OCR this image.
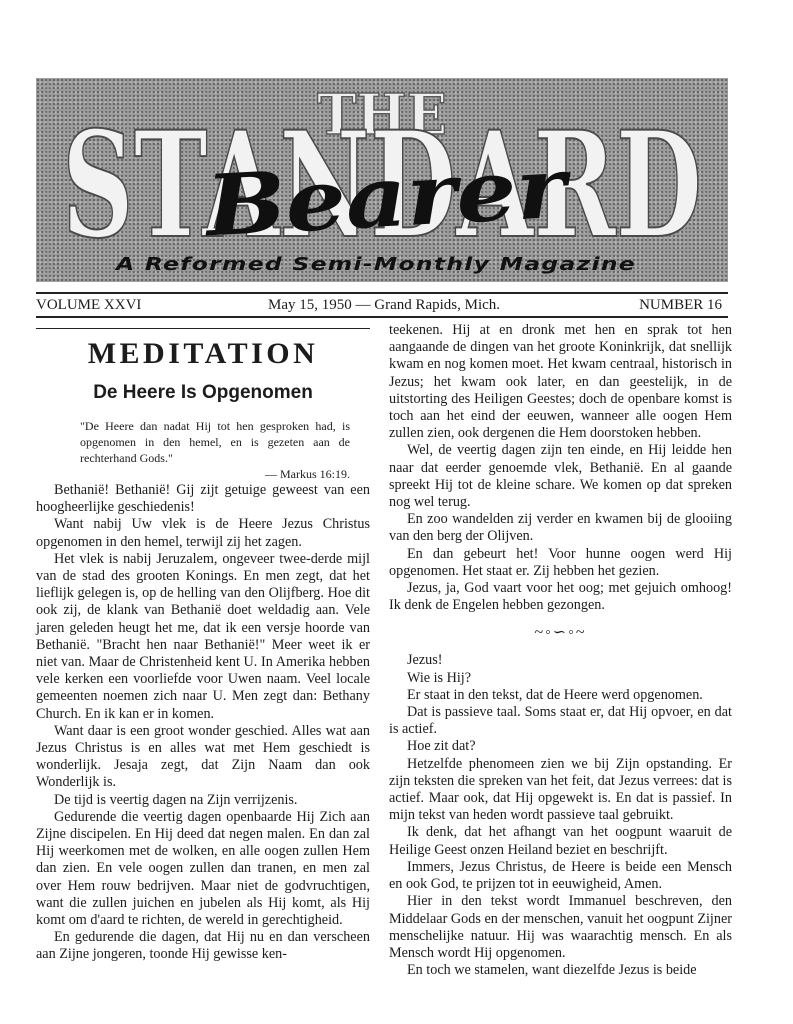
THE
STANDARD
Bearer
A Reformed Semi-Monthly Magazine
VOLUME XXVI	May 15, 1950 — Grand Rapids, Mich.	NUMBER 16
MEDITATION
De Heere Is Opgenomen
"De Heere dan nadat Hij tot hen gesproken had, is opgenomen in den hemel, en is gezeten aan de rechterhand Gods."
— Markus 16:19.

Bethanië! Bethanië! Gij zijt getuige geweest van een hoogheerlijke geschiedenis!

Want nabij Uw vlek is de Heere Jezus Christus opgenomen in den hemel, terwijl zij het zagen.

Het vlek is nabij Jeruzalem, ongeveer twee-derde mijl van de stad des grooten Konings. En men zegt, dat het lieflijk gelegen is, op de helling van den Olijfberg. Hoe dit ook zij, de klank van Bethanië doet weldadig aan. Vele jaren geleden heugt het me, dat ik een versje hoorde van Bethanië. "Bracht hen naar Bethanië!" Meer weet ik er niet van. Maar de Christenheid kent U. In Amerika hebben vele kerken een voorliefde voor Uwen naam. Veel locale gemeenten noemen zich naar U. Men zegt dan: Bethany Church. En ik kan er in komen.

Want daar is een groot wonder geschied. Alles wat aan Jezus Christus is en alles wat met Hem geschiedt is wonderlijk. Jesaja zegt, dat Zijn Naam dan ook Wonderlijk is.

De tijd is veertig dagen na Zijn verrijzenis.

Gedurende die veertig dagen openbaarde Hij Zich aan Zijne discipelen. En Hij deed dat negen malen. En dan zal Hij weerkomen met de wolken, en alle oogen zullen Hem dan zien. En vele oogen zullen dan tranen, en men zal over Hem rouw bedrijven. Maar niet de godvruchtigen, want die zullen juichen en jubelen als Hij komt, als Hij komt om d'aard te richten, de wereld in gerechtigheid.

En gedurende die dagen, dat Hij nu en dan verscheen aan Zijne jongeren, toonde Hij gewisse ken-

teekenen. Hij at en dronk met hen en sprak tot hen aangaande de dingen van het groote Koninkrijk, dat snellijk kwam en nog komen moet. Het kwam centraal, historisch in Jezus; het kwam ook later, en dan geestelijk, in de uitstorting des Heiligen Geestes; doch de openbare komst is toch aan het eind der eeuwen, wanneer alle oogen Hem zullen zien, ook dergenen die Hem doorstoken hebben.

Wel, de veertig dagen zijn ten einde, en Hij leidde hen naar dat eerder genoemde vlek, Bethanië. En al gaande spreekt Hij tot de kleine schare. We komen op dat spreken nog wel terug.

En zoo wandelden zij verder en kwamen bij de glooiing van den berg der Olijven.

En dan gebeurt het! Voor hunne oogen werd Hij opgenomen. Het staat er. Zij hebben het gezien.

Jezus, ja, God vaart voor het oog; met gejuich omhoog! Ik denk de Engelen hebben gezongen.

~◦∽◦~

Jezus!

Wie is Hij?

Er staat in den tekst, dat de Heere werd opgenomen.

Dat is passieve taal. Soms staat er, dat Hij opvoer, en dat is actief.

Hoe zit dat?

Hetzelfde phenomeen zien we bij Zijn opstanding. Er zijn teksten die spreken van het feit, dat Jezus verrees: dat is actief. Maar ook, dat Hij opgewekt is. En dat is passief. In mijn tekst van heden wordt passieve taal gebruikt.

Ik denk, dat het afhangt van het oogpunt waaruit de Heilige Geest onzen Heiland beziet en beschrijft.

Immers, Jezus Christus, de Heere is beide een Mensch en ook God, te prijzen tot in eeuwigheid, Amen.

Hier in den tekst wordt Immanuel beschreven, den Middelaar Gods en der menschen, vanuit het oogpunt Zijner menschelijke natuur. Hij was waarachtig mensch. En als Mensch wordt Hij opgenomen.

En toch we stamelen, want diezelfde Jezus is beide
